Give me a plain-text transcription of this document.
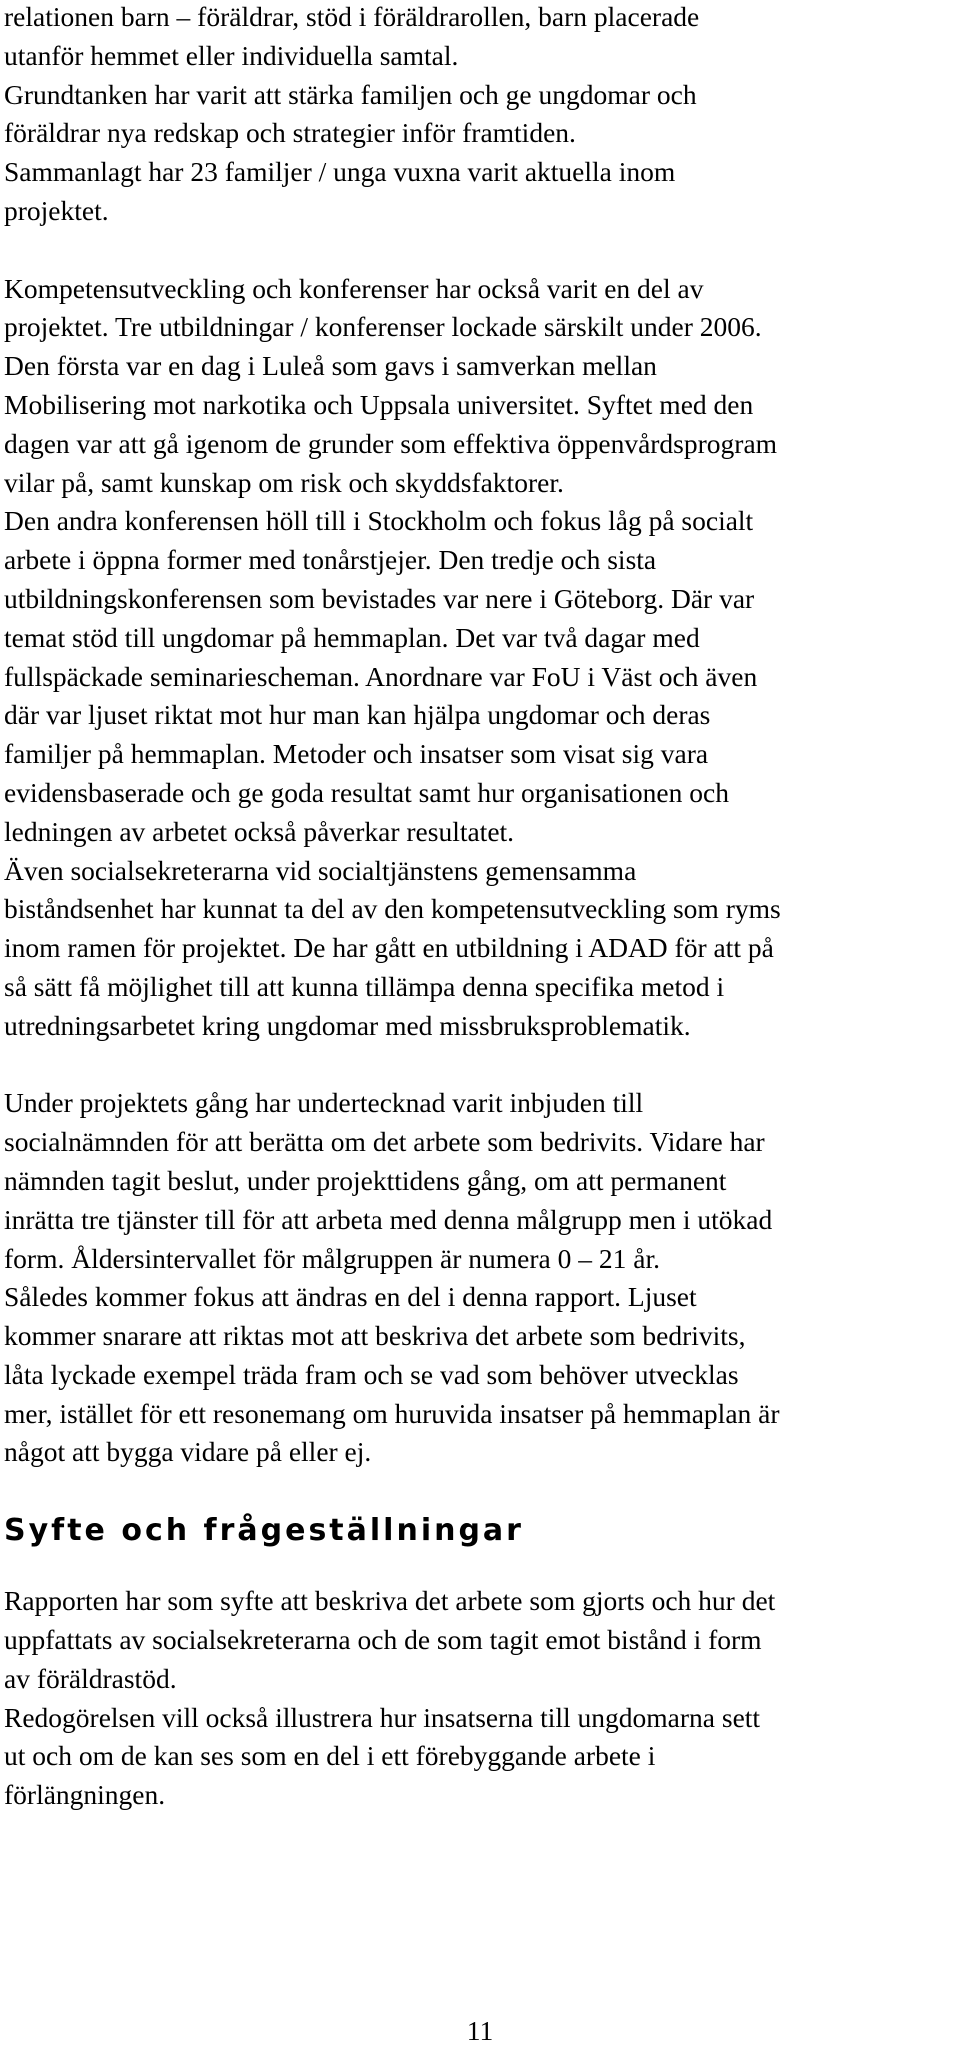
relationen barn – föräldrar, stöd i föräldrarollen, barn placerade
utanför hemmet eller individuella samtal.
Grundtanken har varit att stärka familjen och ge ungdomar och
föräldrar nya redskap och strategier inför framtiden.
Sammanlagt har 23 familjer / unga vuxna varit aktuella inom
projektet.
Kompetensutveckling och konferenser har också varit en del av
projektet. Tre utbildningar / konferenser lockade särskilt under 2006.
Den första var en dag i Luleå som gavs i samverkan mellan
Mobilisering mot narkotika och Uppsala universitet. Syftet med den
dagen var att gå igenom de grunder som effektiva öppenvårdsprogram
vilar på, samt kunskap om risk och skyddsfaktorer.
Den andra konferensen höll till i Stockholm och fokus låg på socialt
arbete i öppna former med tonårstjejer. Den tredje och sista
utbildningskonferensen som bevistades var nere i Göteborg. Där var
temat stöd till ungdomar på hemmaplan. Det var två dagar med
fullspäckade seminariescheman. Anordnare var FoU i Väst och även
där var ljuset riktat mot hur man kan hjälpa ungdomar och deras
familjer på hemmaplan. Metoder och insatser som visat sig vara
evidensbaserade och ge goda resultat samt hur organisationen och
ledningen av arbetet också påverkar resultatet.
Även socialsekreterarna vid socialtjänstens gemensamma
biståndsenhet har kunnat ta del av den kompetensutveckling som ryms
inom ramen för projektet. De har gått en utbildning i ADAD för att på
så sätt få möjlighet till att kunna tillämpa denna specifika metod i
utredningsarbetet kring ungdomar med missbruksproblematik.
Under projektets gång har undertecknad varit inbjuden till
socialnämnden för att berätta om det arbete som bedrivits. Vidare har
nämnden tagit beslut, under projekttidens gång, om att permanent
inrätta tre tjänster till för att arbeta med denna målgrupp men i utökad
form. Åldersintervallet för målgruppen är numera 0 – 21 år.
Således kommer fokus att ändras en del i denna rapport. Ljuset
kommer snarare att riktas mot att beskriva det arbete som bedrivits,
låta lyckade exempel träda fram och se vad som behöver utvecklas
mer, istället för ett resonemang om huruvida insatser på hemmaplan är
något att bygga vidare på eller ej.
Syfte och frågeställningar
Rapporten har som syfte att beskriva det arbete som gjorts och hur det
uppfattats av socialsekreterarna och de som tagit emot bistånd i form
av föräldrastöd.
Redogörelsen vill också illustrera hur insatserna till ungdomarna sett
ut och om de kan ses som en del i ett förebyggande arbete i
förlängningen.
11
